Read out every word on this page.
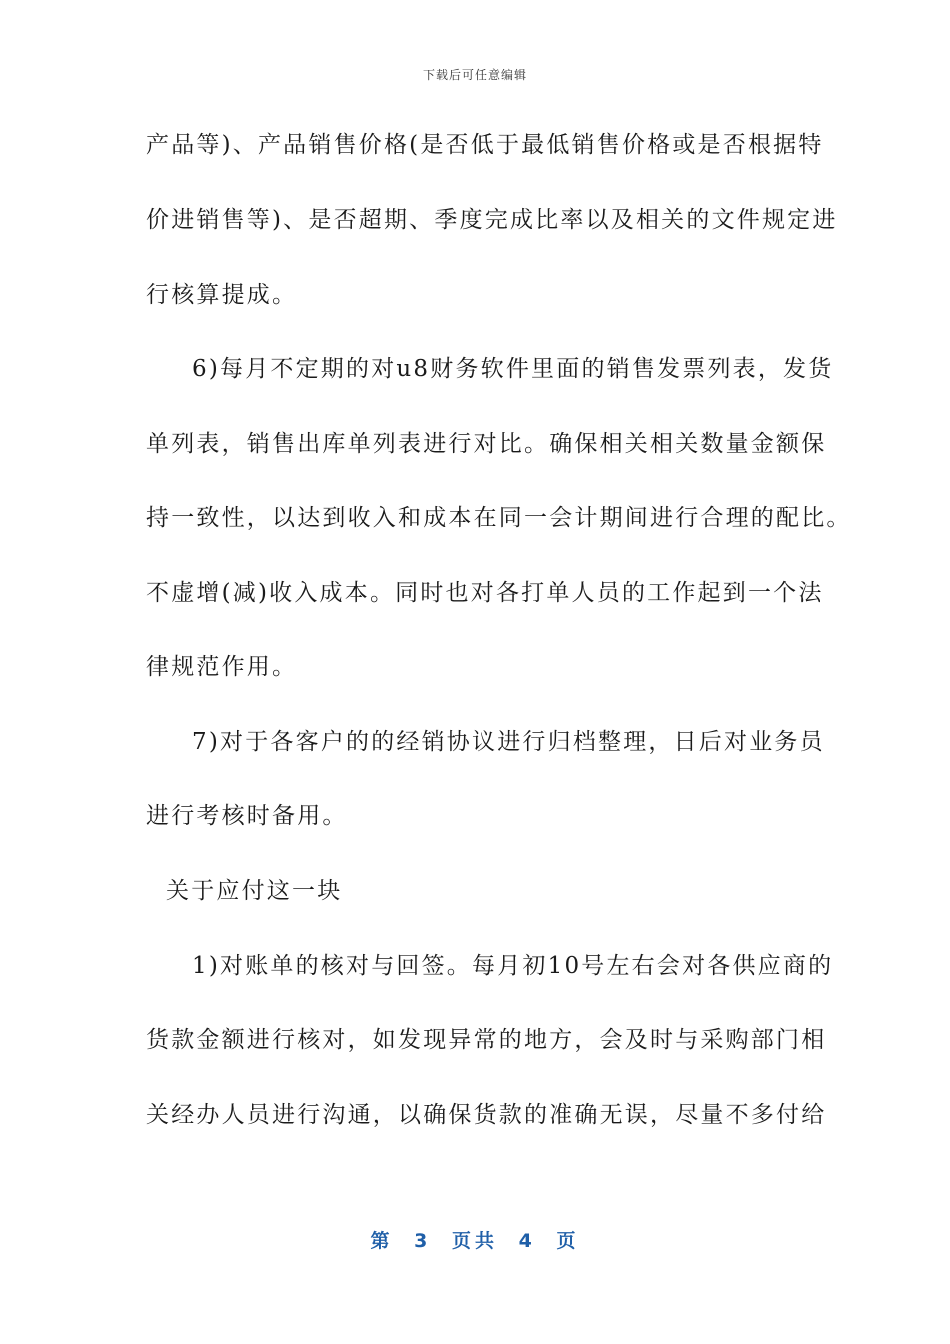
下载后可任意编辑
产品等)、产品销售价格(是否低于最低销售价格或是否根据特
价进销售等)、是否超期、季度完成比率以及相关的文件规定进
行核算提成。
6)每月不定期的对u8财务软件里面的销售发票列表，发货
单列表，销售出库单列表进行对比。确保相关相关数量金额保
持一致性，以达到收入和成本在同一会计期间进行合理的配比。
不虚增(减)收入成本。同时也对各打单人员的工作起到一个法
律规范作用。
7)对于各客户的的经销协议进行归档整理，日后对业务员
进行考核时备用。
关于应付这一块
1)对账单的核对与回签。每月初10号左右会对各供应商的
货款金额进行核对，如发现异常的地方，会及时与采购部门相
关经办人员进行沟通，以确保货款的准确无误，尽量不多付给
第 3 页共 4 页
